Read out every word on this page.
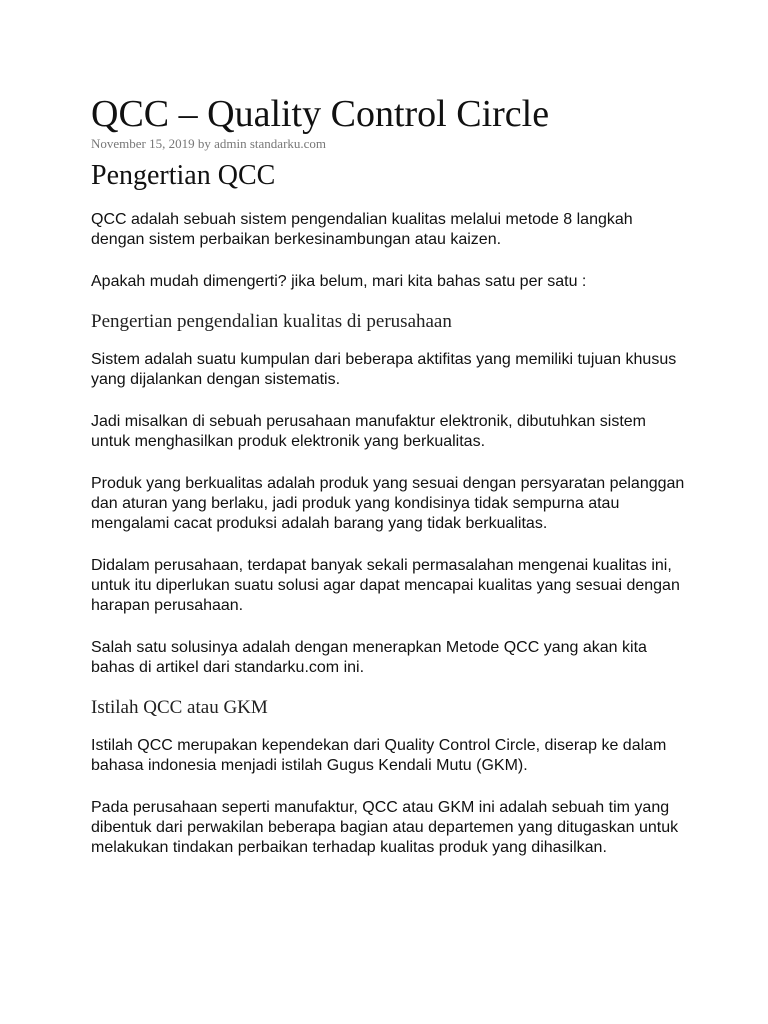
QCC – Quality Control Circle
November 15, 2019 by admin standarku.com
Pengertian QCC

QCC adalah sebuah sistem pengendalian kualitas melalui metode 8 langkah dengan sistem perbaikan berkesinambungan atau kaizen.

Apakah mudah dimengerti? jika belum, mari kita bahas satu per satu :

Pengertian pengendalian kualitas di perusahaan

Sistem adalah suatu kumpulan dari beberapa aktifitas yang memiliki tujuan khusus yang dijalankan dengan sistematis.

Jadi misalkan di sebuah perusahaan manufaktur elektronik, dibutuhkan sistem untuk menghasilkan produk elektronik yang berkualitas.

Produk yang berkualitas adalah produk yang sesuai dengan persyaratan pelanggan dan aturan yang berlaku, jadi produk yang kondisinya tidak sempurna atau mengalami cacat produksi adalah barang yang tidak berkualitas.

Didalam perusahaan, terdapat banyak sekali permasalahan mengenai kualitas ini, untuk itu diperlukan suatu solusi agar dapat mencapai kualitas yang sesuai dengan harapan perusahaan.

Salah satu solusinya adalah dengan menerapkan Metode QCC yang akan kita bahas di artikel dari standarku.com ini.

Istilah QCC atau GKM

Istilah QCC merupakan kependekan dari Quality Control Circle, diserap ke dalam bahasa indonesia menjadi istilah Gugus Kendali Mutu (GKM).

Pada perusahaan seperti manufaktur, QCC atau GKM ini adalah sebuah tim yang dibentuk dari perwakilan beberapa bagian atau departemen yang ditugaskan untuk melakukan tindakan perbaikan terhadap kualitas produk yang dihasilkan.
